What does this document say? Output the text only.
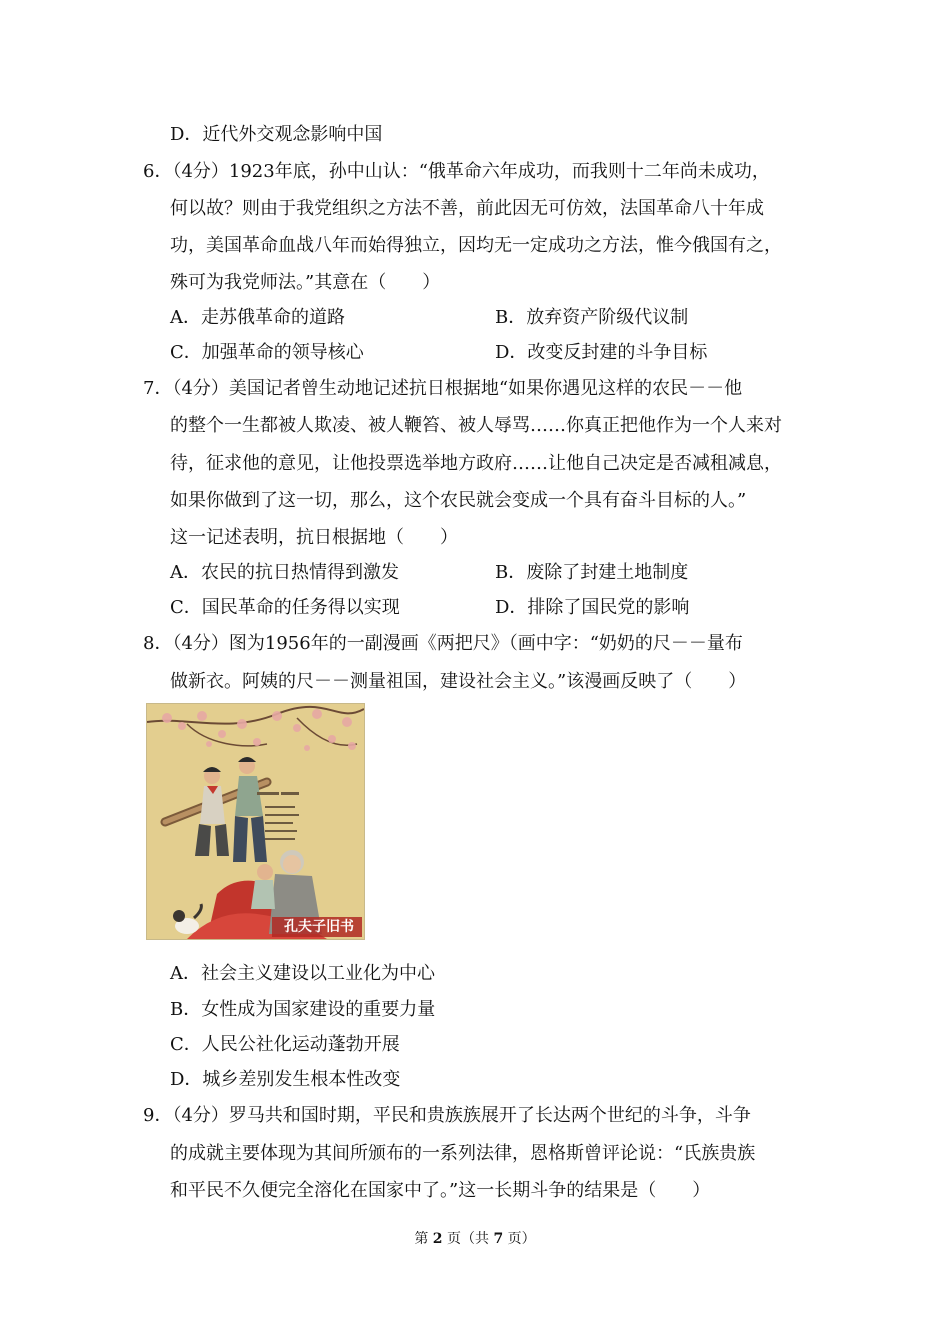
D．近代外交观念影响中国
6．（4分）1923年底，孙中山认：“俄革命六年成功，而我则十二年尚未成功，
何以故？则由于我党组织之方法不善，前此因无可仿效，法国革命八十年成
功，美国革命血战八年而始得独立，因均无一定成功之方法，惟今俄国有之，
殊可为我党师法。”其意在（　　）
A．走苏俄革命的道路	B．放弃资产阶级代议制
C．加强革命的领导核心	D．改变反封建的斗争目标
7．（4分）美国记者曾生动地记述抗日根据地“如果你遇见这样的农民－－他
的整个一生都被人欺凌、被人鞭笞、被人辱骂……你真正把他作为一个人来对
待，征求他的意见，让他投票选举地方政府……让他自己决定是否减租减息，
如果你做到了这一切，那么，这个农民就会变成一个具有奋斗目标的人。”
这一记述表明，抗日根据地（　　）
A．农民的抗日热情得到激发	B．废除了封建土地制度
C．国民革命的任务得以实现	D．排除了国民党的影响
8．（4分）图为1956年的一副漫画《两把尺》（画中字：“奶奶的尺－－量布
做新衣。阿姨的尺－－测量祖国，建设社会主义。”该漫画反映了（　　）
孔夫子旧书
A．社会主义建设以工业化为中心
B．女性成为国家建设的重要力量
C．人民公社化运动蓬勃开展
D．城乡差别发生根本性改变
9．（4分）罗马共和国时期，平民和贵族族展开了长达两个世纪的斗争，斗争
的成就主要体现为其间所颁布的一系列法律，恩格斯曾评论说：“氏族贵族
和平民不久便完全溶化在国家中了。”这一长期斗争的结果是（　　）
第 2 页（共 7 页）
